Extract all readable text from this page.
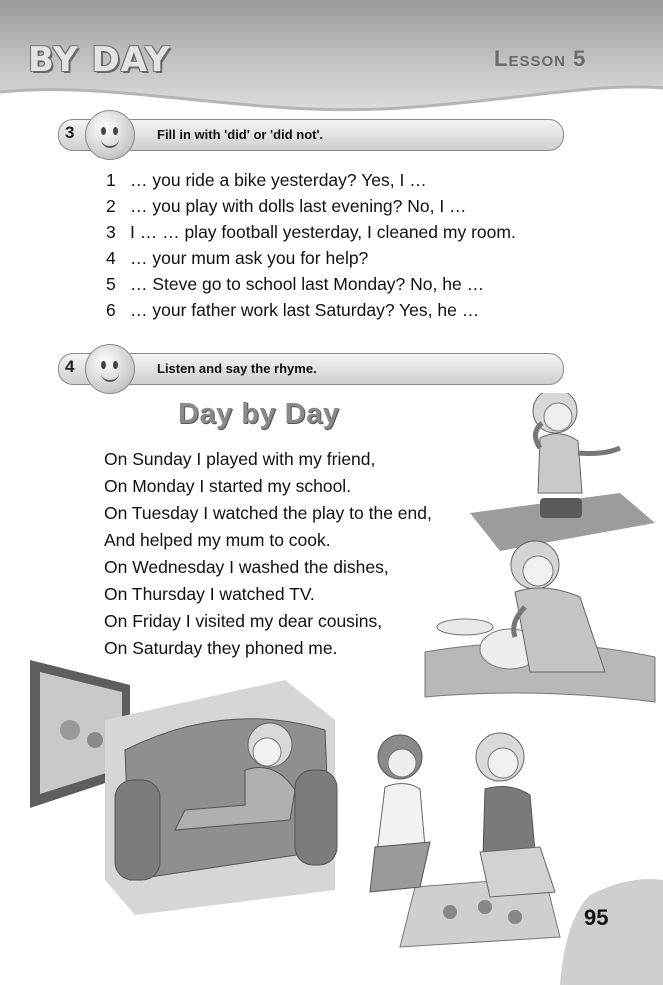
BY DAY	Lesson 5
3	Fill in with 'did' or 'did not'.
1 … you ride a bike yesterday? Yes, I …
2 … you play with dolls last evening? No, I …
3 I … … play football yesterday, I cleaned my room.
4 … your mum ask you for help?
5 … Steve go to school last Monday? No, he …
6 … your father work last Saturday? Yes, he …
4	Listen and say the rhyme.
Day by Day
On Sunday I played with my friend,
On Monday I started my school.
On Tuesday I watched the play to the end,
And helped my mum to cook.
On Wednesday I washed the dishes,
On Thursday I watched TV.
On Friday I visited my dear cousins,
On Saturday they phoned me.
95
